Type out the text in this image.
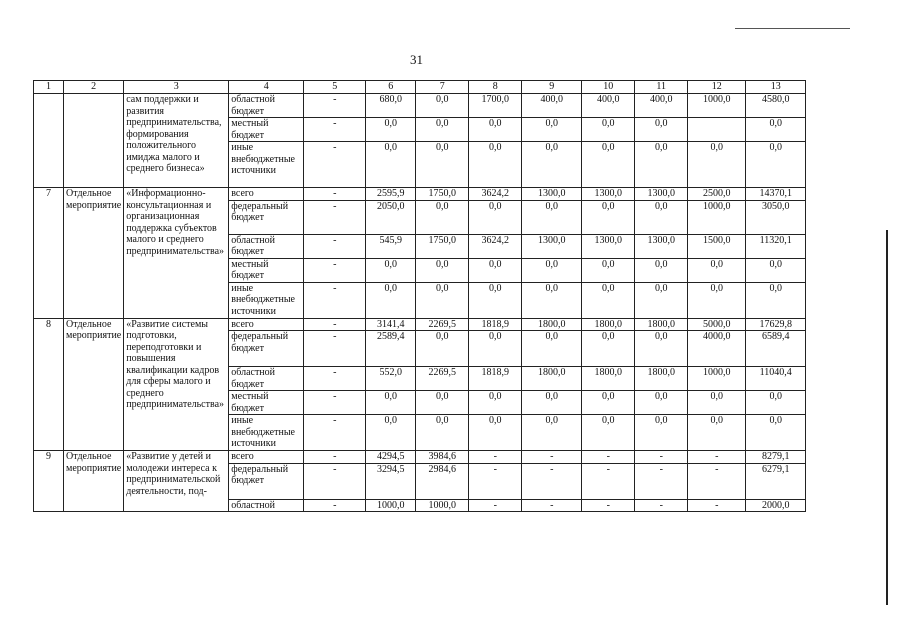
31
1	2	3	4	5	6	7	8	9	10	11	12	13
		сам поддержки и развития предпринимательства, формирования положительного имиджа малого и среднего бизнеса»	областной бюджет	-	680,0	0,0	1700,0	400,0	400,0	400,0	1000,0	4580,0
			местный бюджет	-	0,0	0,0	0,0	0,0	0,0	0,0		0,0
			иные внебюджетные источники	-	0,0	0,0	0,0	0,0	0,0	0,0	0,0	0,0
7	Отдельное мероприятие	«Информационно-консультационная и организационная поддержка субъектов малого и среднего предпринимательства»	всего	-	2595,9	1750,0	3624,2	1300,0	1300,0	1300,0	2500,0	14370,1
			федеральный бюджет	-	2050,0	0,0	0,0	0,0	0,0	0,0	1000,0	3050,0
			областной бюджет	-	545,9	1750,0	3624,2	1300,0	1300,0	1300,0	1500,0	11320,1
			местный бюджет	-	0,0	0,0	0,0	0,0	0,0	0,0	0,0	0,0
			иные внебюджетные источники	-	0,0	0,0	0,0	0,0	0,0	0,0	0,0	0,0
8	Отдельное мероприятие	«Развитие системы подготовки, переподготовки и повышения квалификации кадров для сферы малого и среднего предпринимательства»	всего	-	3141,4	2269,5	1818,9	1800,0	1800,0	1800,0	5000,0	17629,8
			федеральный бюджет	-	2589,4	0,0	0,0	0,0	0,0	0,0	4000,0	6589,4
			областной бюджет	-	552,0	2269,5	1818,9	1800,0	1800,0	1800,0	1000,0	11040,4
			местный бюджет	-	0,0	0,0	0,0	0,0	0,0	0,0	0,0	0,0
			иные внебюджетные источники	-	0,0	0,0	0,0	0,0	0,0	0,0	0,0	0,0
9	Отдельное мероприятие	«Развитие у детей и молодежи интереса к предпринимательской деятельности, под-	всего	-	4294,5	3984,6	-	-	-	-	-	8279,1
			федеральный бюджет	-	3294,5	2984,6	-	-	-	-	-	6279,1
			областной	-	1000,0	1000,0	-	-	-	-	-	2000,0
